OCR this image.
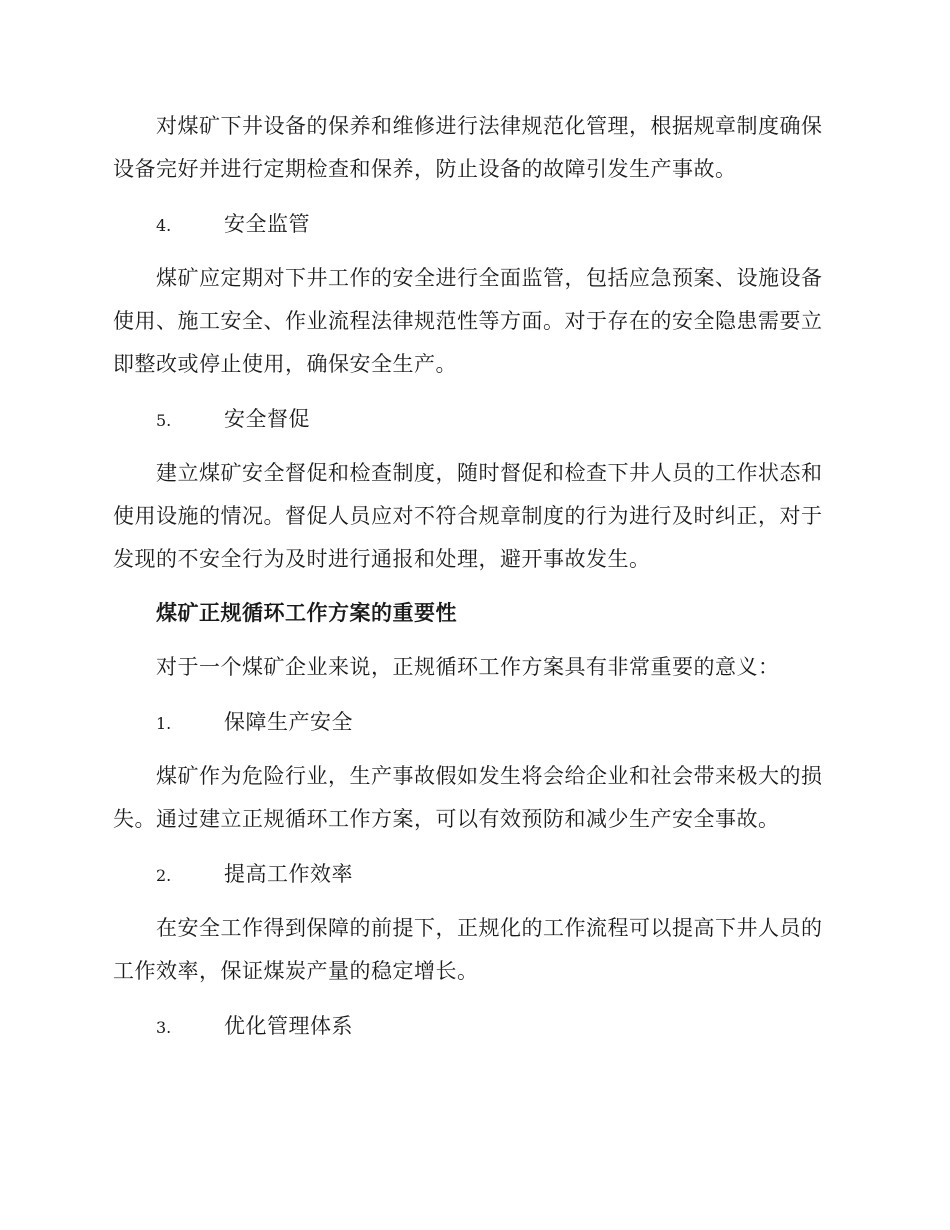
对煤矿下井设备的保养和维修进行法律规范化管理，根据规章制度确保设备完好并进行定期检查和保养，防止设备的故障引发生产事故。

4.	安全监管

煤矿应定期对下井工作的安全进行全面监管，包括应急预案、设施设备使用、施工安全、作业流程法律规范性等方面。对于存在的安全隐患需要立即整改或停止使用，确保安全生产。

5.	安全督促

建立煤矿安全督促和检查制度，随时督促和检查下井人员的工作状态和使用设施的情况。督促人员应对不符合规章制度的行为进行及时纠正，对于发现的不安全行为及时进行通报和处理，避开事故发生。

煤矿正规循环工作方案的重要性

对于一个煤矿企业来说，正规循环工作方案具有非常重要的意义：

1.	保障生产安全

煤矿作为危险行业，生产事故假如发生将会给企业和社会带来极大的损失。通过建立正规循环工作方案，可以有效预防和减少生产安全事故。

2.	提高工作效率

在安全工作得到保障的前提下，正规化的工作流程可以提高下井人员的工作效率，保证煤炭产量的稳定增长。

3.	优化管理体系
